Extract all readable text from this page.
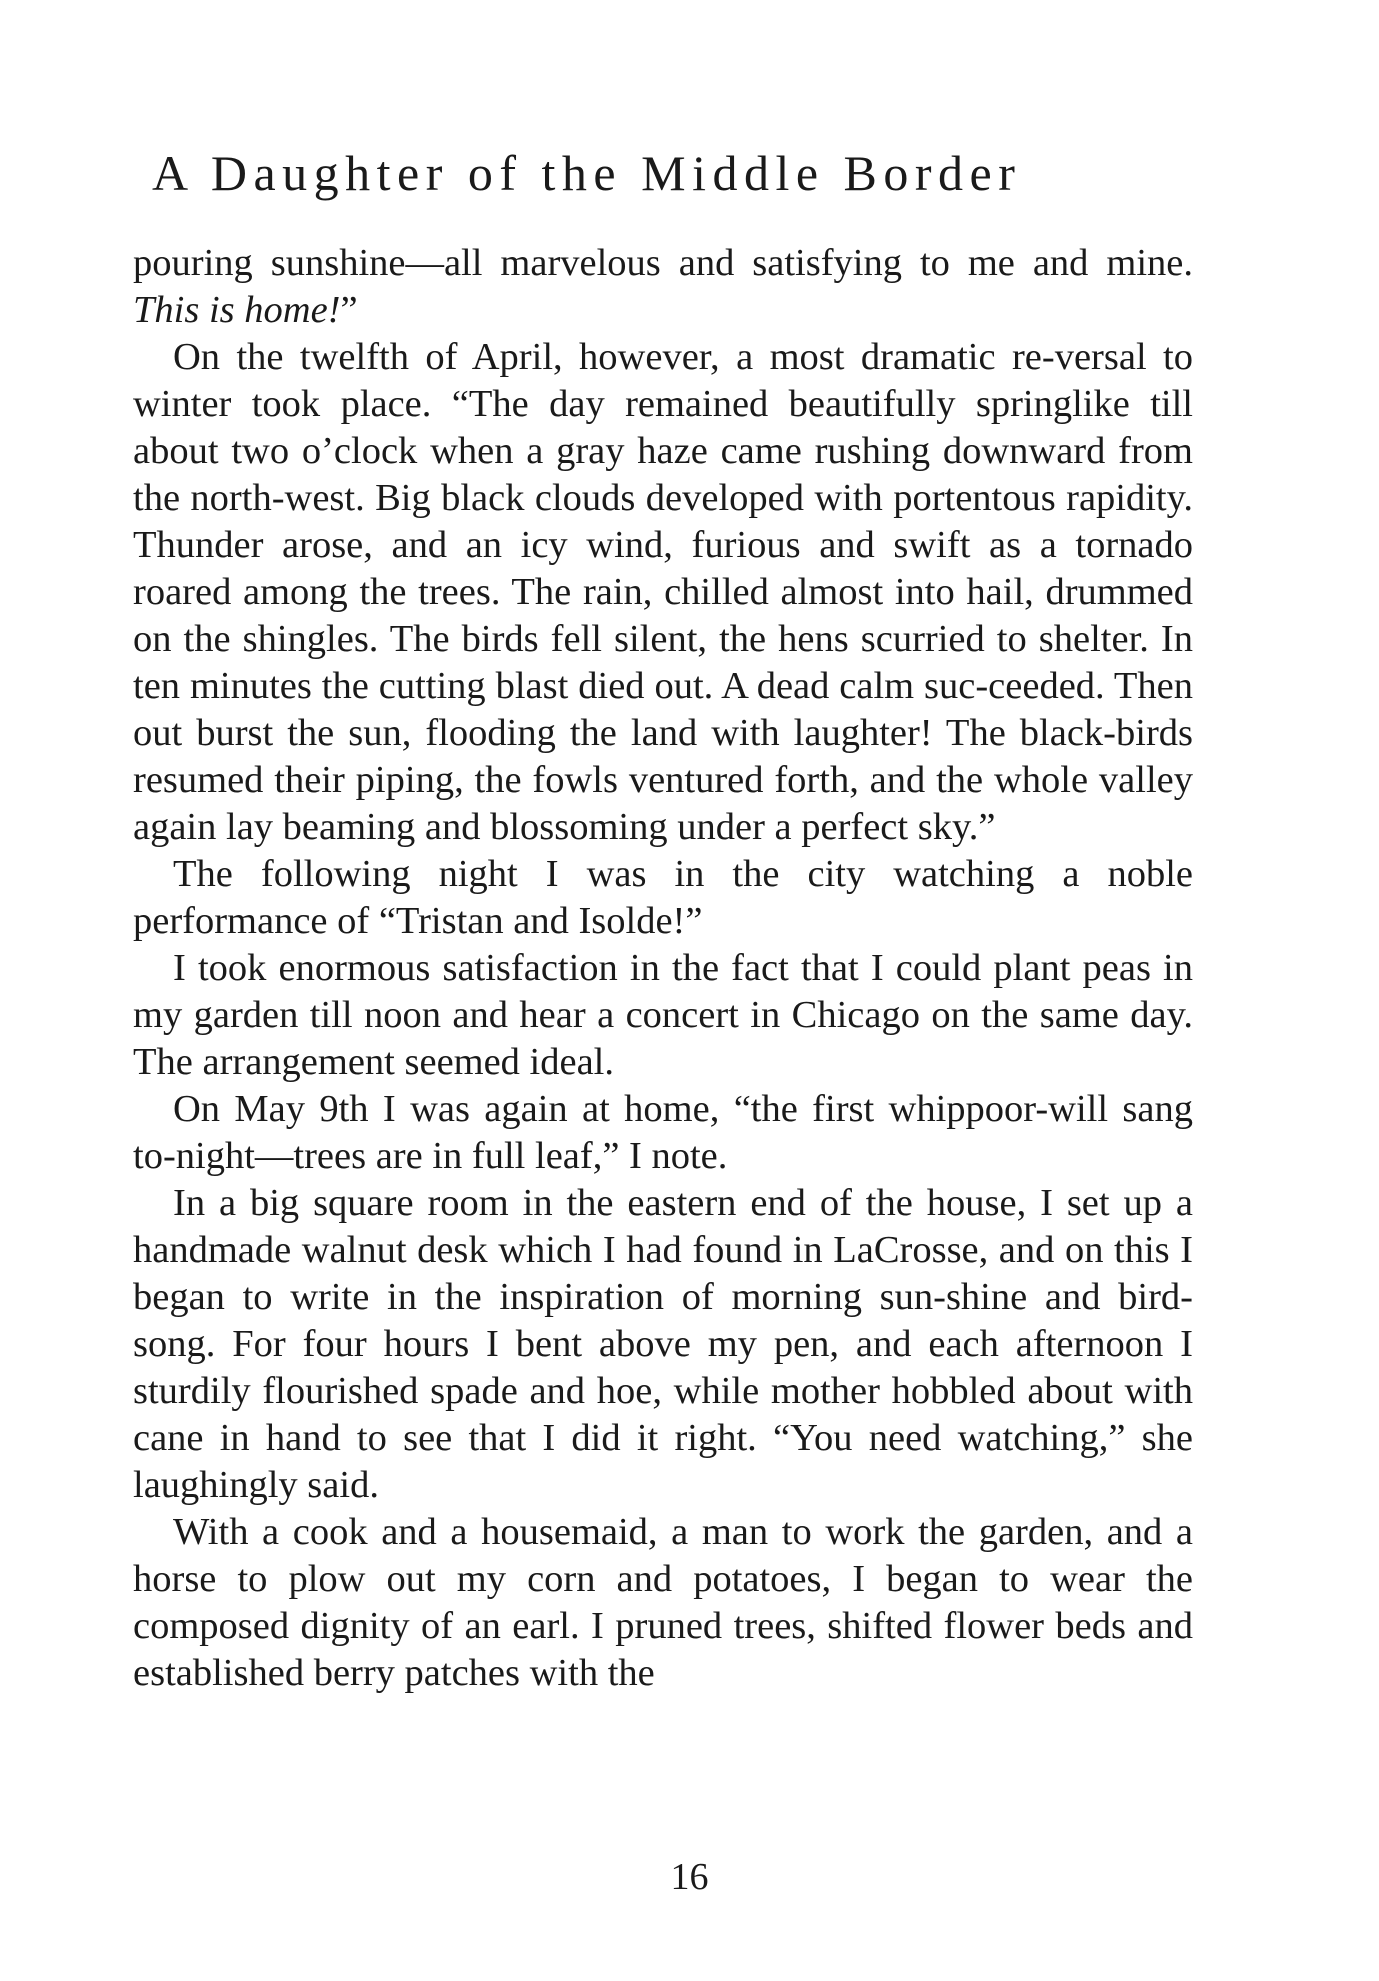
A Daughter of the Middle Border

pouring sunshine—all marvelous and satisfying to me and mine. This is home!”

On the twelfth of April, however, a most dramatic re-versal to winter took place. “The day remained beautifully springlike till about two o’clock when a gray haze came rushing downward from the north-west. Big black clouds developed with portentous rapidity. Thunder arose, and an icy wind, furious and swift as a tornado roared among the trees. The rain, chilled almost into hail, drummed on the shingles. The birds fell silent, the hens scurried to shelter. In ten minutes the cutting blast died out. A dead calm suc-ceeded. Then out burst the sun, flooding the land with laughter! The black-birds resumed their piping, the fowls ventured forth, and the whole valley again lay beaming and blossoming under a perfect sky.”

The following night I was in the city watching a noble performance of “Tristan and Isolde!”

I took enormous satisfaction in the fact that I could plant peas in my garden till noon and hear a concert in Chicago on the same day. The arrangement seemed ideal.

On May 9th I was again at home, “the first whippoor-will sang to-night—trees are in full leaf,” I note.

In a big square room in the eastern end of the house, I set up a handmade walnut desk which I had found in LaCrosse, and on this I began to write in the inspiration of morning sun-shine and bird-song. For four hours I bent above my pen, and each afternoon I sturdily flourished spade and hoe, while mother hobbled about with cane in hand to see that I did it right. “You need watching,” she laughingly said.

With a cook and a housemaid, a man to work the garden, and a horse to plow out my corn and potatoes, I began to wear the composed dignity of an earl. I pruned trees, shifted flower beds and established berry patches with the

16
